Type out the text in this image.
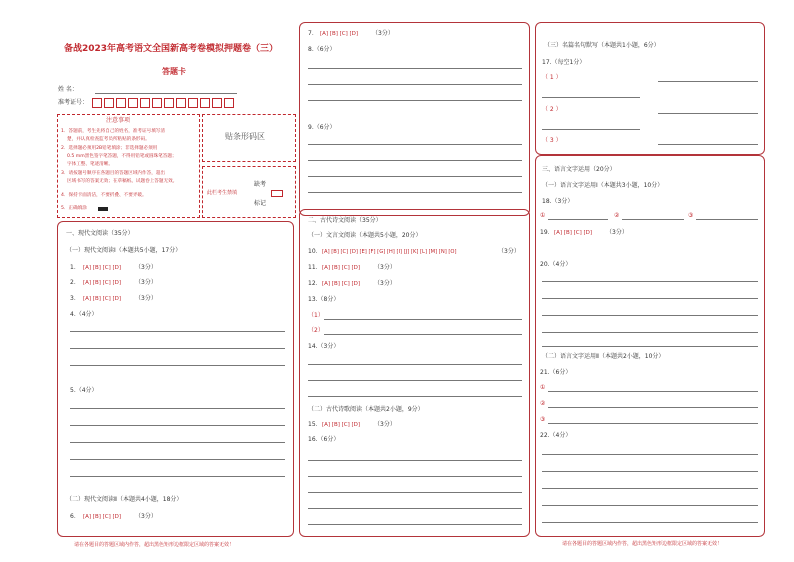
备战2023年高考语文全国新高考卷模拟押题卷（三）
答题卡
姓 名：
准考证号：
注意事项
1．答题前，考生先将自己的姓名，准考证号填写清
楚，并认真检查监考员所粘贴的条形码。
2．选择题必须用2B铅笔填涂；非选择题必须用
0.5 mm黑色签字笔答题，不得用铅笔或圆珠笔答题；
字体工整、笔迹清晰。
3．请按题号顺序在各题目的答题区域内作答，超出
区域书写的答案无效；在草稿纸、试题卷上答题无效。
4．保持卡面清洁，不要折叠、不要弄破。
5．正确填涂
贴条形码区
缺考
此栏考生禁填
标记
一、现代文阅读（35分）
（一）现代文阅读Ⅰ（本题共5小题，17分）
1． [A] [B] [C] [D] （3分）
2． [A] [B] [C] [D] （3分）
3． [A] [B] [C] [D] （3分）
4.（4分）
5.（4分）
（二）现代文阅读Ⅱ（本题共4小题，18分）
6． [A] [B] [C] [D] （3分）
请在各题目的答题区域内作答，超出黑色矩形边框限定区域的答案无效！
7． [A] [B] [C] [D] （3分）
8.（6分）
9.（6分）
二、古代诗文阅读（35分）
（一）文言文阅读（本题共5小题，20分）
10． [A] [B] [C] [D] [E] [F] [G] [H] [I] [J] [K] [L] [M] [N] [O]	（3分）
11． [A] [B] [C] [D] （3分）
12． [A] [B] [C] [D] （3分）
13.（8分）
（1）
（2）
14.（3分）
（二）古代诗歌阅读（本题共2小题，9分）
15． [A] [B] [C] [D] （3分）
16.（6分）
（三）名篇名句默写（本题共1小题，6分）
17.（每空1分）
（ 1 ）
（ 2 ）
（ 3 ）
三、语言文字运用（20分）
（一）语言文字运用Ⅰ（本题共3小题，10分）
18.（3分）
①	②	③
19． [A] [B] [C] [D] （3分）
20.（4分）
（二）语言文字运用Ⅱ（本题共2小题，10分）
21.（6分）
①
②
③
22.（4分）
请在各题目的答题区域内作答，超出黑色矩形边框限定区域的答案无效！
